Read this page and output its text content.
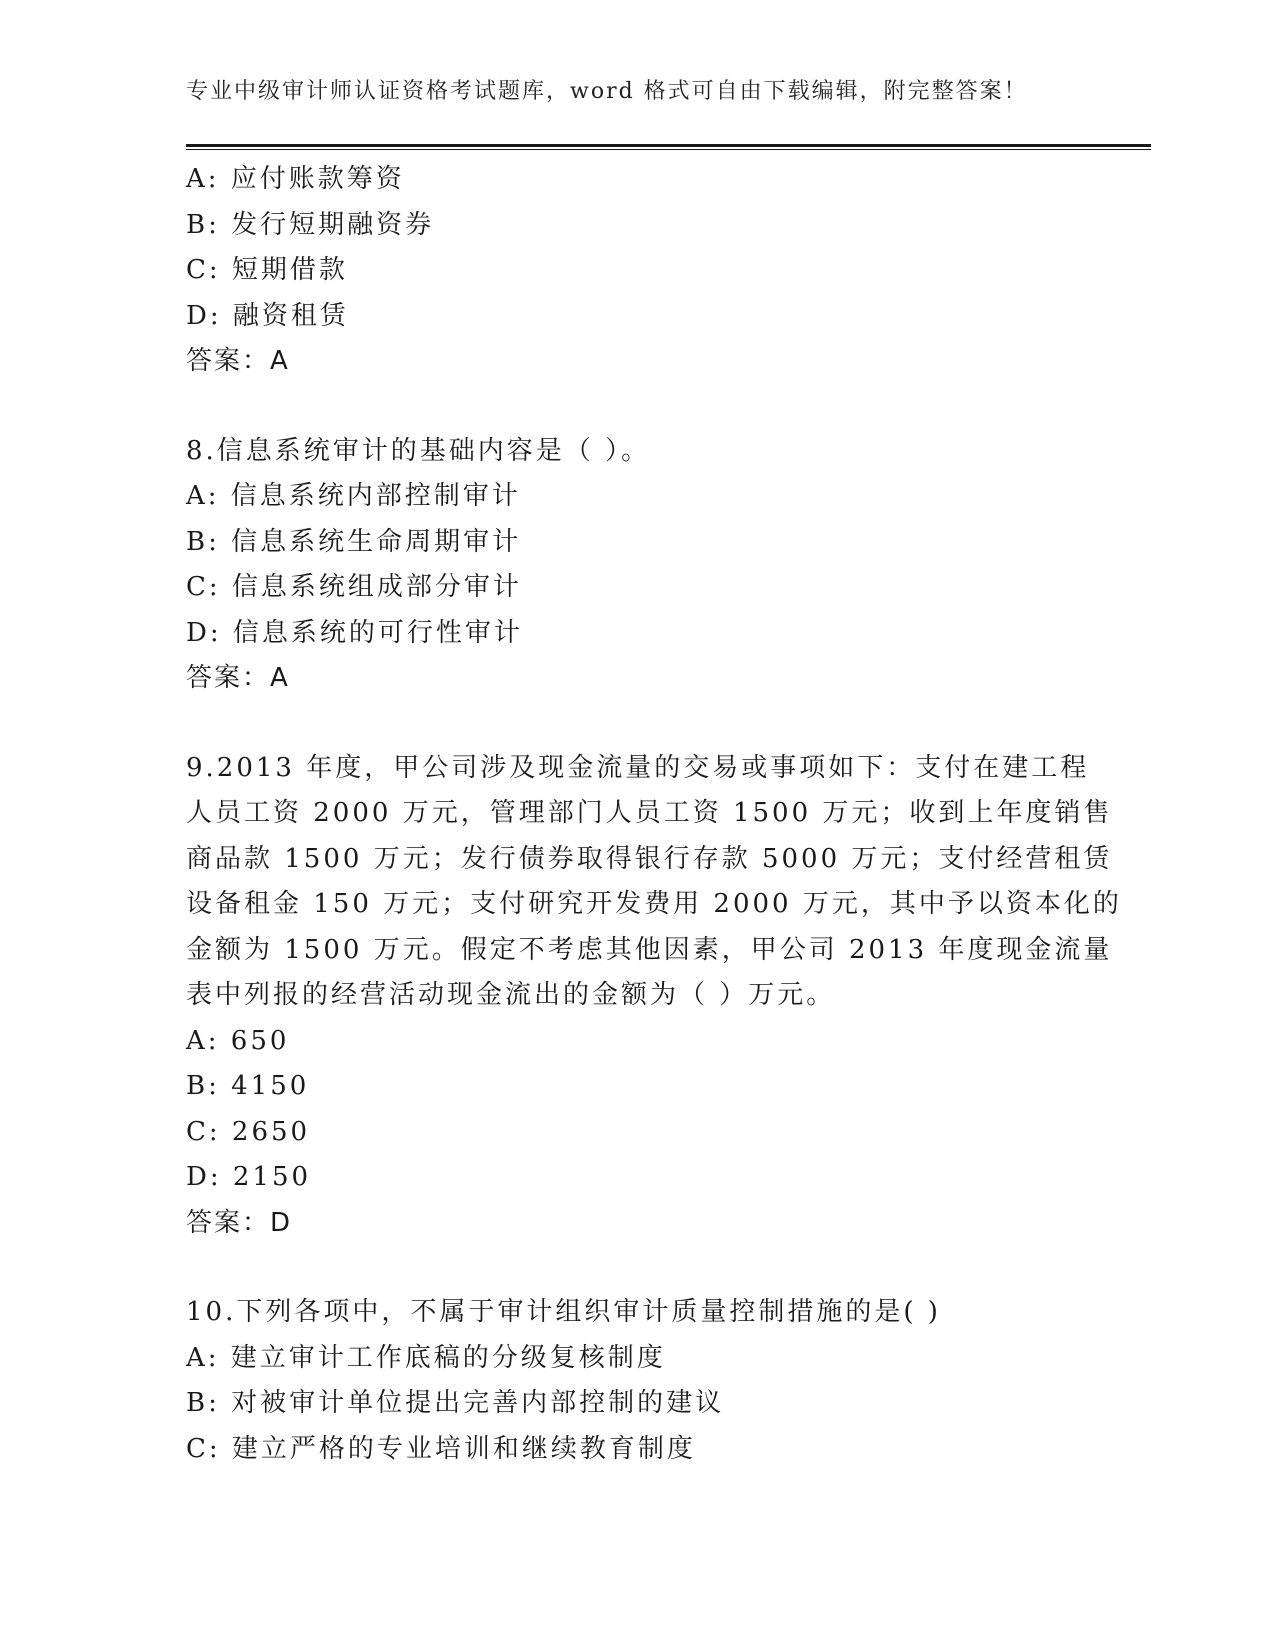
专业中级审计师认证资格考试题库，word 格式可自由下载编辑，附完整答案！
A: 应付账款筹资
B: 发行短期融资券
C: 短期借款
D: 融资租赁
答案：A
8.信息系统审计的基础内容是（ ）。
A: 信息系统内部控制审计
B: 信息系统生命周期审计
C: 信息系统组成部分审计
D: 信息系统的可行性审计
答案：A
9.2013 年度，甲公司涉及现金流量的交易或事项如下：支付在建工程
人员工资 2000 万元，管理部门人员工资 1500 万元；收到上年度销售
商品款 1500 万元；发行债券取得银行存款 5000 万元；支付经营租赁
设备租金 150 万元；支付研究开发费用 2000 万元，其中予以资本化的
金额为 1500 万元。假定不考虑其他因素，甲公司 2013 年度现金流量
表中列报的经营活动现金流出的金额为（ ）万元。
A: 650
B: 4150
C: 2650
D: 2150
答案：D
10.下列各项中，不属于审计组织审计质量控制措施的是( )
A: 建立审计工作底稿的分级复核制度
B: 对被审计单位提出完善内部控制的建议
C: 建立严格的专业培训和继续教育制度
